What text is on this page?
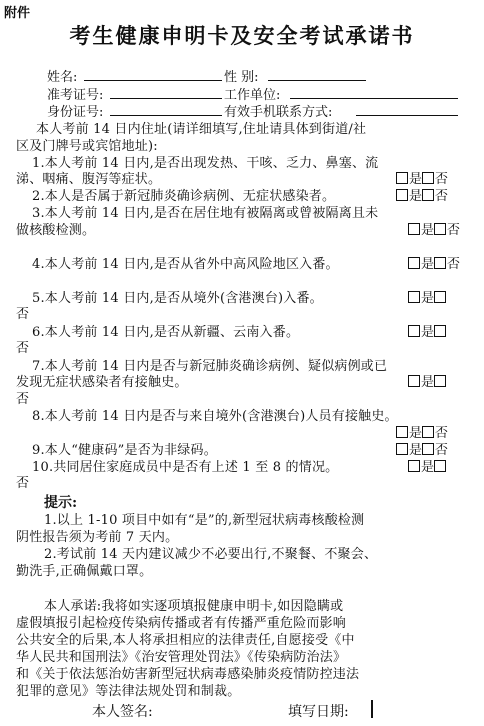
附件
考生健康申明卡及安全考试承诺书
姓名:	性 别:
准考证号:	工作单位:
身份证号:	有效手机联系方式:
本人考前 14 日内住址(请详细填写,住址请具体到街道/社
区及门牌号或宾馆地址):
1.本人考前 14 日内,是否出现发热、干咳、乏力、鼻塞、流
涕、咽痛、腹泻等症状。	是 否
2.本人是否属于新冠肺炎确诊病例、无症状感染者。	是 否
3.本人考前 14 日内,是否在居住地有被隔离或曾被隔离且未
做核酸检测。	是 否
4.本人考前 14 日内,是否从省外中高风险地区入番。	是 否
5.本人考前 14 日内,是否从境外(含港澳台)入番。	是
否
6.本人考前 14 日内,是否从新疆、云南入番。	是
否
7.本人考前 14 日内是否与新冠肺炎确诊病例、疑似病例或已
发现无症状感染者有接触史。	是
否
8.本人考前 14 日内是否与来自境外(含港澳台)人员有接触史。
是 否
9.本人“健康码”是否为非绿码。	是 否
10.共同居住家庭成员中是否有上述 1 至 8 的情况。	是
否
提示:
1.以上 1-10 项目中如有“是”的,新型冠状病毒核酸检测
阴性报告须为考前 7 天内。
2.考试前 14 天内建议减少不必要出行,不聚餐、不聚会、
勤洗手,正确佩戴口罩。
本人承诺:我将如实逐项填报健康申明卡,如因隐瞒或
虚假填报引起检疫传染病传播或者有传播严重危险而影响
公共安全的后果,本人将承担相应的法律责任,自愿接受《中
华人民共和国刑法》《治安管理处罚法》《传染病防治法》
和《关于依法惩治妨害新型冠状病毒感染肺炎疫情防控违法
犯罪的意见》等法律法规处罚和制裁。
本人签名:	填写日期:
